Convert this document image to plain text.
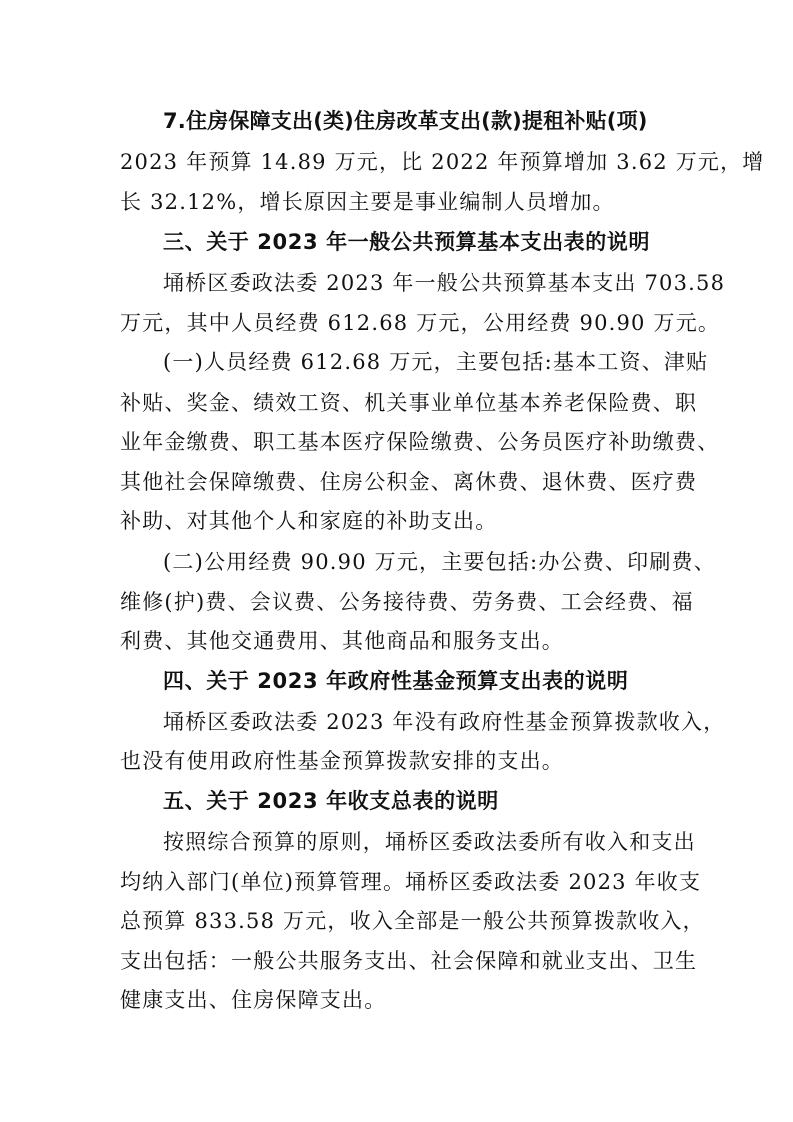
7.住房保障支出(类)住房改革支出(款)提租补贴(项)
2023 年预算 14.89 万元，比 2022 年预算增加 3.62 万元，增
长 32.12%，增长原因主要是事业编制人员增加。
三、关于 2023 年一般公共预算基本支出表的说明
埇桥区委政法委 2023 年一般公共预算基本支出 703.58
万元，其中人员经费 612.68 万元，公用经费 90.90 万元。
(一)人员经费 612.68 万元，主要包括:基本工资、津贴
补贴、奖金、绩效工资、机关事业单位基本养老保险费、职
业年金缴费、职工基本医疗保险缴费、公务员医疗补助缴费、
其他社会保障缴费、住房公积金、离休费、退休费、医疗费
补助、对其他个人和家庭的补助支出。
(二)公用经费 90.90 万元，主要包括:办公费、印刷费、
维修(护)费、会议费、公务接待费、劳务费、工会经费、福
利费、其他交通费用、其他商品和服务支出。
四、关于 2023 年政府性基金预算支出表的说明
埇桥区委政法委 2023 年没有政府性基金预算拨款收入，
也没有使用政府性基金预算拨款安排的支出。
五、关于 2023 年收支总表的说明
按照综合预算的原则，埇桥区委政法委所有收入和支出
均纳入部门(单位)预算管理。埇桥区委政法委 2023 年收支
总预算 833.58 万元，收入全部是一般公共预算拨款收入，
支出包括：一般公共服务支出、社会保障和就业支出、卫生
健康支出、住房保障支出。
